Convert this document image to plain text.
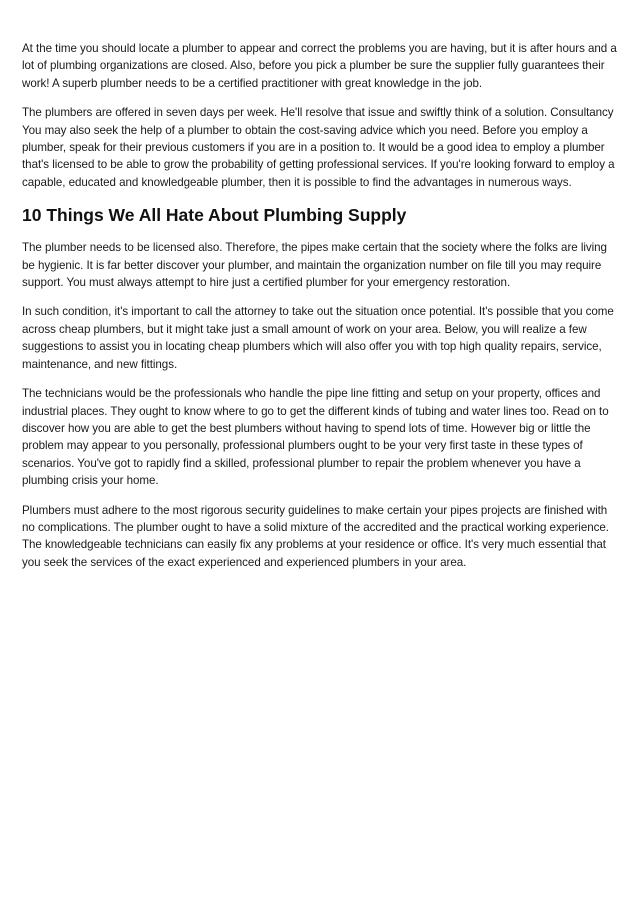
At the time you should locate a plumber to appear and correct the problems you are having, but it is after hours and a lot of plumbing organizations are closed. Also, before you pick a plumber be sure the supplier fully guarantees their work! A superb plumber needs to be a certified practitioner with great knowledge in the job.

The plumbers are offered in seven days per week. He'll resolve that issue and swiftly think of a solution. Consultancy You may also seek the help of a plumber to obtain the cost-saving advice which you need. Before you employ a plumber, speak for their previous customers if you are in a position to. It would be a good idea to employ a plumber that's licensed to be able to grow the probability of getting professional services. If you're looking forward to employ a capable, educated and knowledgeable plumber, then it is possible to find the advantages in numerous ways.

10 Things We All Hate About Plumbing Supply

The plumber needs to be licensed also. Therefore, the pipes make certain that the society where the folks are living be hygienic. It is far better discover your plumber, and maintain the organization number on file till you may require support. You must always attempt to hire just a certified plumber for your emergency restoration.

In such condition, it's important to call the attorney to take out the situation once potential. It's possible that you come across cheap plumbers, but it might take just a small amount of work on your area. Below, you will realize a few suggestions to assist you in locating cheap plumbers which will also offer you with top high quality repairs, service, maintenance, and new fittings.

The technicians would be the professionals who handle the pipe line fitting and setup on your property, offices and industrial places. They ought to know where to go to get the different kinds of tubing and water lines too. Read on to discover how you are able to get the best plumbers without having to spend lots of time. However big or little the problem may appear to you personally, professional plumbers ought to be your very first taste in these types of scenarios. You've got to rapidly find a skilled, professional plumber to repair the problem whenever you have a plumbing crisis your home.

Plumbers must adhere to the most rigorous security guidelines to make certain your pipes projects are finished with no complications. The plumber ought to have a solid mixture of the accredited and the practical working experience. The knowledgeable technicians can easily fix any problems at your residence or office. It's very much essential that you seek the services of the exact experienced and experienced plumbers in your area.
